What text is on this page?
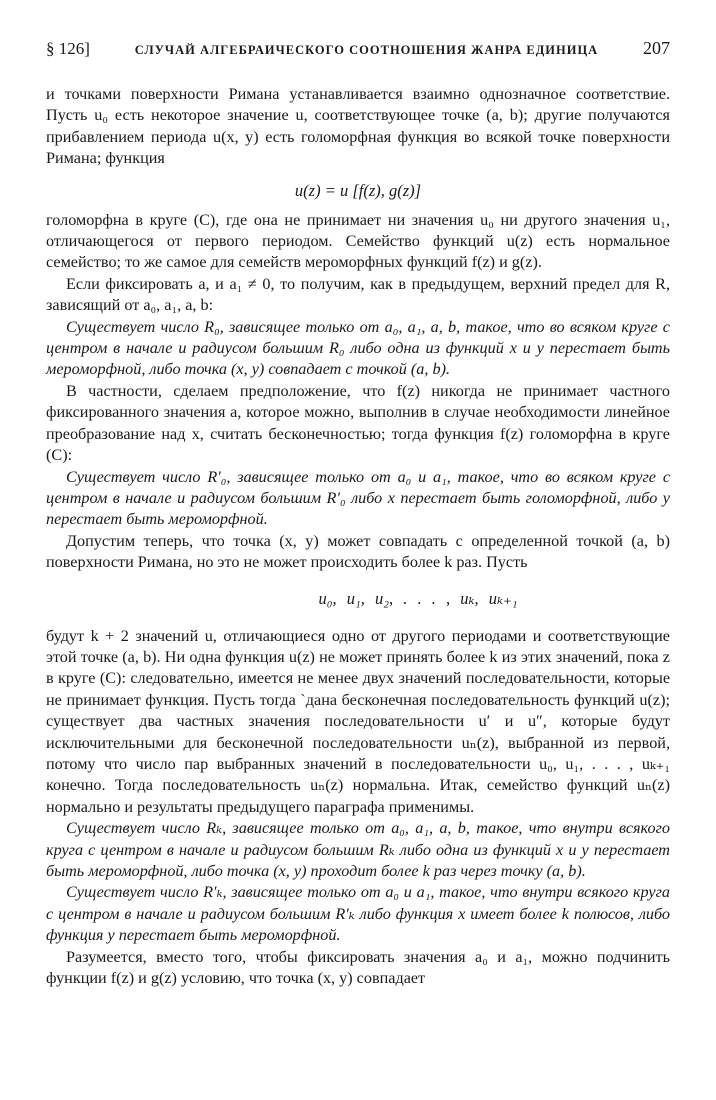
§ 126]	СЛУЧАЙ АЛГЕБРАИЧЕСКОГО СООТНОШЕНИЯ ЖАНРА ЕДИНИЦА 207

и точками поверхности Римана устанавливается взаимно однозначное соответствие. Пусть u₀ есть некоторое значение u, соответствующее точке (a, b); другие получаются прибавлением периода u(x, y) есть голоморфная функция во всякой точке поверхности Римана; функция

u(z) = u [f(z), g(z)]

голоморфна в круге (C), где она не принимает ни значения u₀ ни другого значения u₁, отличающегося от первого периодом. Семейство функций u(z) есть нормальное семейство; то же самое для семейств мероморфных функций f(z) и g(z).

Если фиксировать a, и a₁ ≠ 0, то получим, как в предыдущем, верхний предел для R, зависящий от a₀, a₁, a, b:

Существует число R₀, зависящее только от a₀, a₁, a, b, такое, что во всяком круге с центром в начале и радиусом большим R₀ либо одна из функций x и y перестает быть мероморфной, либо точка (x, y) совпадает с точкой (a, b).

В частности, сделаем предположение, что f(z) никогда не принимает частного фиксированного значения a, которое можно, выполнив в случае необходимости линейное преобразование над x, считать бесконечностью; тогда функция f(z) голоморфна в круге (C):

Существует число R′₀, зависящее только от a₀ и a₁, такое, что во всяком круге с центром в начале и радиусом большим R′₀ либо x перестает быть голоморфной, либо y перестает быть мероморфной.

Допустим теперь, что точка (x, y) может совпадать с определенной точкой (a, b) поверхности Римана, но это не может происходить более k раз. Пусть

u₀, u₁, u₂, . . . , uₖ, uₖ₊₁

будут k + 2 значений u, отличающиеся одно от другого периодами и соответствующие этой точке (a, b). Ни одна функция u(z) не может принять более k из этих значений, пока z в круге (C): следовательно, имеется не менее двух значений последовательности, которые не принимает функция. Пусть тогда `дана бесконечная последовательность функций u(z); существует два частных значения последовательности u′ и u″, которые будут исключительными для бесконечной последовательности uₙ(z), выбранной из первой, потому что число пар выбранных значений в последовательности u₀, u₁, . . . , uₖ₊₁ конечно. Тогда последовательность uₙ(z) нормальна. Итак, семейство функций uₙ(z) нормально и результаты предыдущего параграфа применимы.

Существует число Rₖ, зависящее только от a₀, a₁, a, b, такое, что внутри всякого круга с центром в начале и радиусом большим Rₖ либо одна из функций x и y перестает быть мероморфной, либо точка (x, y) проходит более k раз через точку (a, b).

Существует число R′ₖ, зависящее только от a₀ и a₁, такое, что внутри всякого круга с центром в начале и радиусом большим R′ₖ либо функция x имеет более k полюсов, либо функция y перестает быть мероморфной.

Разумеется, вместо того, чтобы фиксировать значения a₀ и a₁, можно подчинить функции f(z) и g(z) условию, что точка (x, y) совпадает
